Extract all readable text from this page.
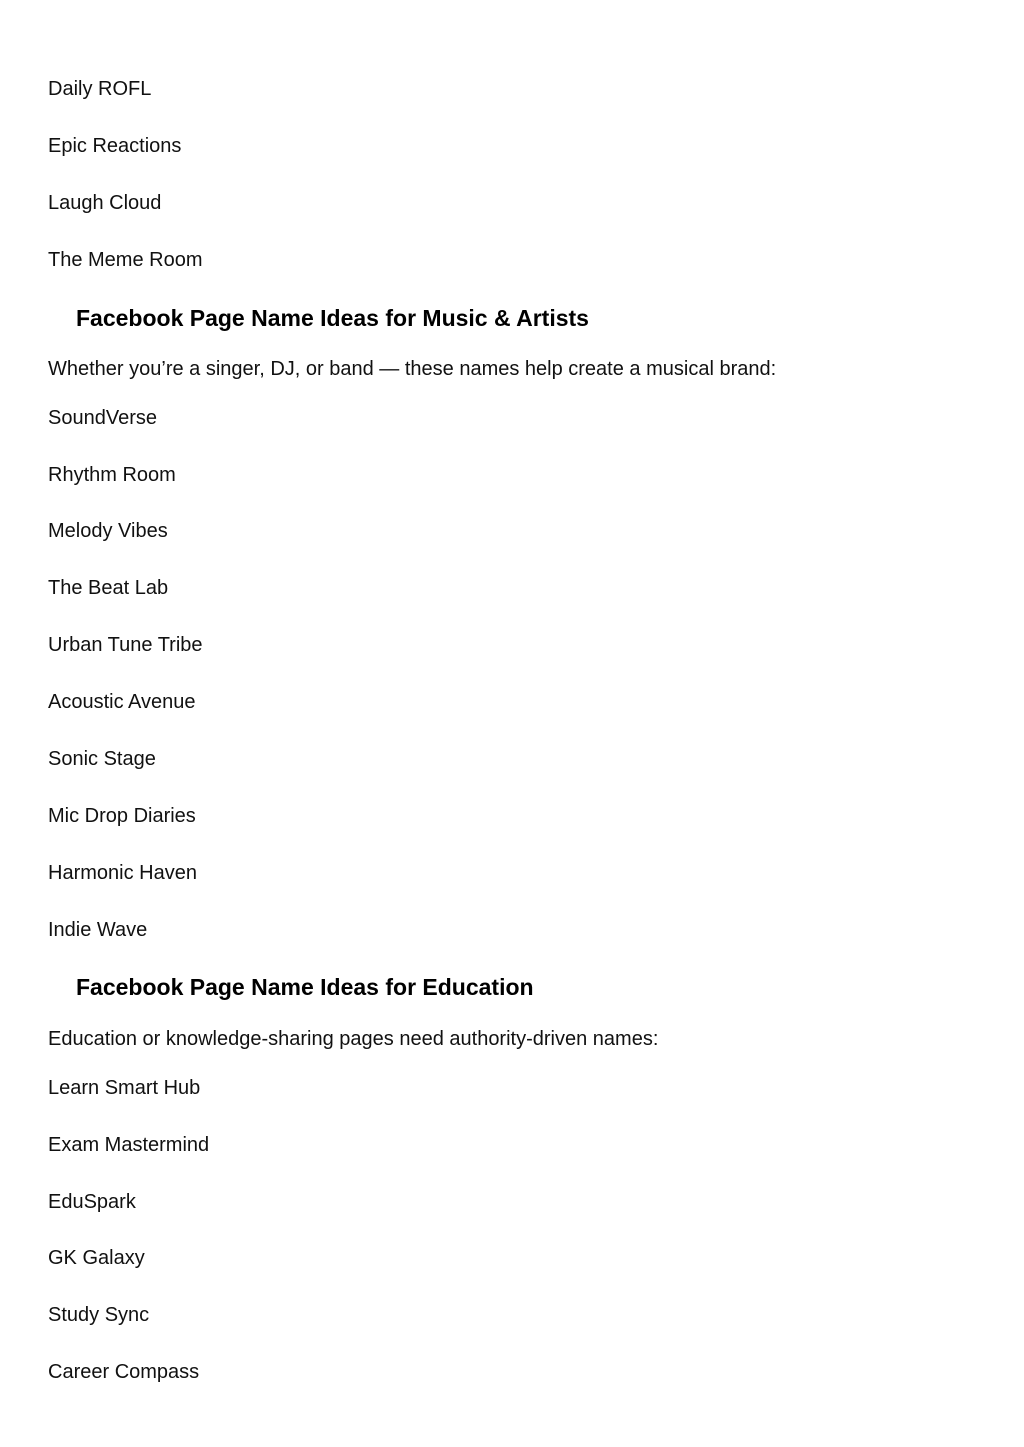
Daily ROFL

Epic Reactions

Laugh Cloud

The Meme Room

Facebook Page Name Ideas for Music & Artists

Whether you’re a singer, DJ, or band — these names help create a musical brand:

SoundVerse

Rhythm Room

Melody Vibes

The Beat Lab

Urban Tune Tribe

Acoustic Avenue

Sonic Stage

Mic Drop Diaries

Harmonic Haven

Indie Wave

Facebook Page Name Ideas for Education

Education or knowledge-sharing pages need authority-driven names:

Learn Smart Hub

Exam Mastermind

EduSpark

GK Galaxy

Study Sync

Career Compass
